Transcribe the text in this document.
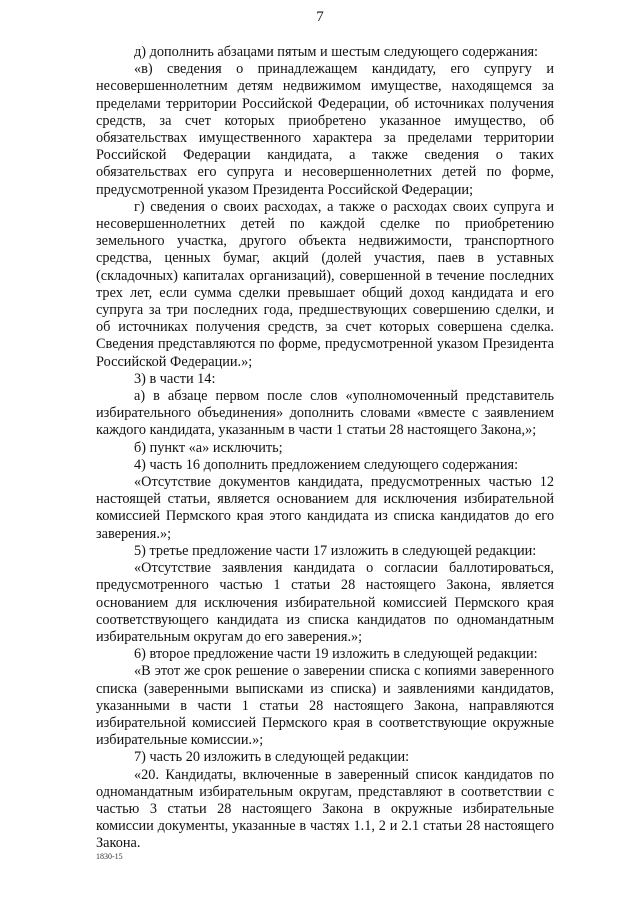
7

д) дополнить абзацами пятым и шестым следующего содержания:

«в) сведения о принадлежащем кандидату, его супругу и несовершеннолетним детям недвижимом имуществе, находящемся за пределами территории Российской Федерации, об источниках получения средств, за счет которых приобретено указанное имущество, об обязательствах имущественного характера за пределами территории Российской Федерации кандидата, а также сведения о таких обязательствах его супруга и несовершеннолетних детей по форме, предусмотренной указом Президента Российской Федерации;

г) сведения о своих расходах, а также о расходах своих супруга и несовершеннолетних детей по каждой сделке по приобретению земельного участка, другого объекта недвижимости, транспортного средства, ценных бумаг, акций (долей участия, паев в уставных (складочных) капиталах организаций), совершенной в течение последних трех лет, если сумма сделки превышает общий доход кандидата и его супруга за три последних года, предшествующих совершению сделки, и об источниках получения средств, за счет которых совершена сделка. Сведения представляются по форме, предусмотренной указом Президента Российской Федерации.»;

3) в части 14:

а) в абзаце первом после слов «уполномоченный представитель избирательного объединения» дополнить словами «вместе с заявлением каждого кандидата, указанным в части 1 статьи 28 настоящего Закона,»;

б) пункт «а» исключить;

4) часть 16 дополнить предложением следующего содержания:

«Отсутствие документов кандидата, предусмотренных частью 12 настоящей статьи, является основанием для исключения избирательной комиссией Пермского края этого кандидата из списка кандидатов до его заверения.»;

5) третье предложение части 17 изложить в следующей редакции:

«Отсутствие заявления кандидата о согласии баллотироваться, предусмотренного частью 1 статьи 28 настоящего Закона, является основанием для исключения избирательной комиссией Пермского края соответствующего кандидата из списка кандидатов по одномандатным избирательным округам до его заверения.»;

6) второе предложение части 19 изложить в следующей редакции:

«В этот же срок решение о заверении списка с копиями заверенного списка (заверенными выписками из списка) и заявлениями кандидатов, указанными в части 1 статьи 28 настоящего Закона, направляются избирательной комиссией Пермского края в соответствующие окружные избирательные комиссии.»;

7) часть 20 изложить в следующей редакции:

«20. Кандидаты, включенные в заверенный список кандидатов по одномандатным избирательным округам, представляют в соответствии с частью 3 статьи 28 настоящего Закона в окружные избирательные комиссии документы, указанные в частях 1.1, 2 и 2.1 статьи 28 настоящего Закона.

1830-15
